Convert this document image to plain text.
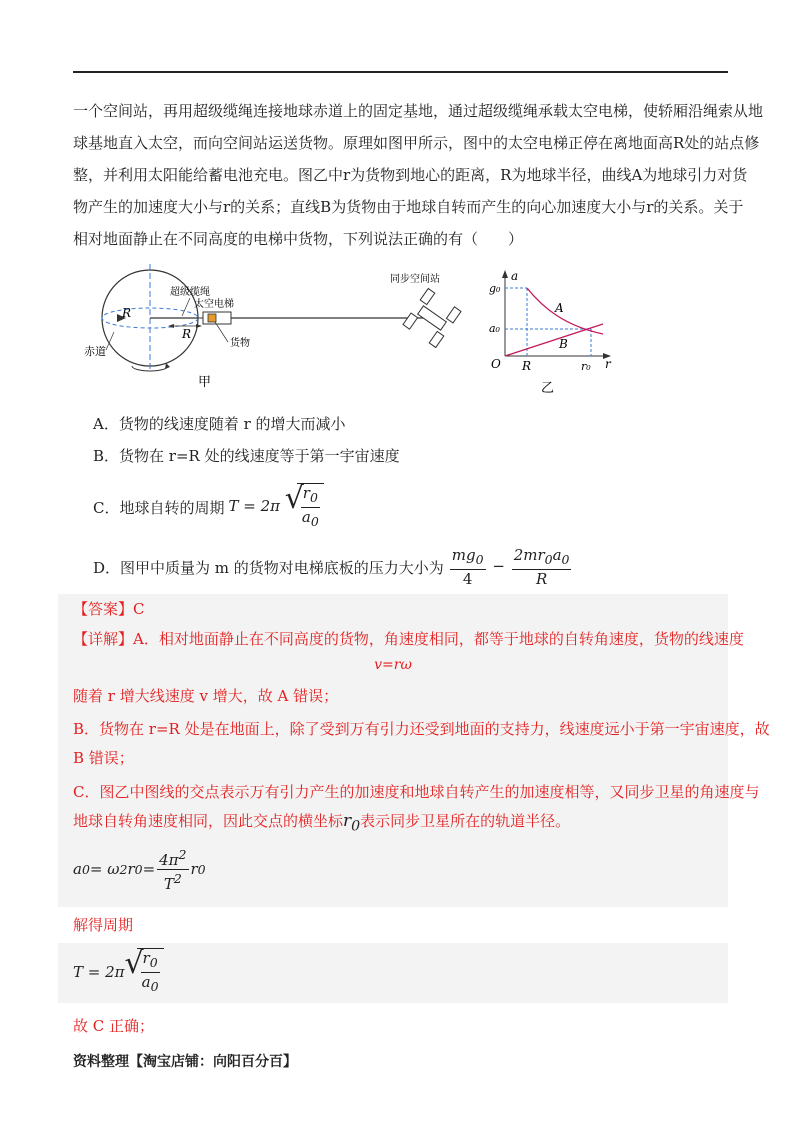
一个空间站，再用超级缆绳连接地球赤道上的固定基地，通过超级缆绳承载太空电梯，使轿厢沿绳索从地
球基地直入太空，而向空间站运送货物。原理如图甲所示，图中的太空电梯正停在离地面高R处的站点修
整，并利用太阳能给蓄电池充电。图乙中r为货物到地心的距离，R为地球半径，曲线A为地球引力对货
物产生的加速度大小与r的关系；直线B为货物由于地球自转而产生的向心加速度大小与r的关系。关于
相对地面静止在不同高度的电梯中货物，下列说法正确的有（　　）
R
R
超级缆绳
太空电梯
货物
赤道
同步空间站
甲
a
r
O
g₀
a₀
R	r₀
A
B
乙
A．货物的线速度随着 r 的增大而减小
B．货物在 r=R 处的线速度等于第一宇宙速度
C．地球自转的周期 T = 2π √
$\frac{r_0}{a_0}$
D．图甲中质量为 m 的货物对电梯底板的压力大小为 $\frac{mg_0}{4} - \frac{2mr_0a_0}{R}$
【答案】C
【详解】A．相对地面静止在不同高度的货物，角速度相同，都等于地球的自转角速度，货物的线速度
v=rω
随着 r 增大线速度 v 增大，故 A 错误；
B．货物在 r=R 处是在地面上，除了受到万有引力还受到地面的支持力，线速度远小于第一宇宙速度，故
B 错误；
C．图乙中图线的交点表示万有引力产生的加速度和地球自转产生的加速度相等，又同步卫星的角速度与
地球自转角速度相同，因此交点的横坐标$r_0$表示同步卫星所在的轨道半径。
a 0 = ω 2 r $0 = \frac{4\pi^2}{T^2}$ r 0
解得周期
T = 2π √
$\frac{r_0}{a_0}$
故 C 正确；
资料整理【淘宝店铺：向阳百分百】
